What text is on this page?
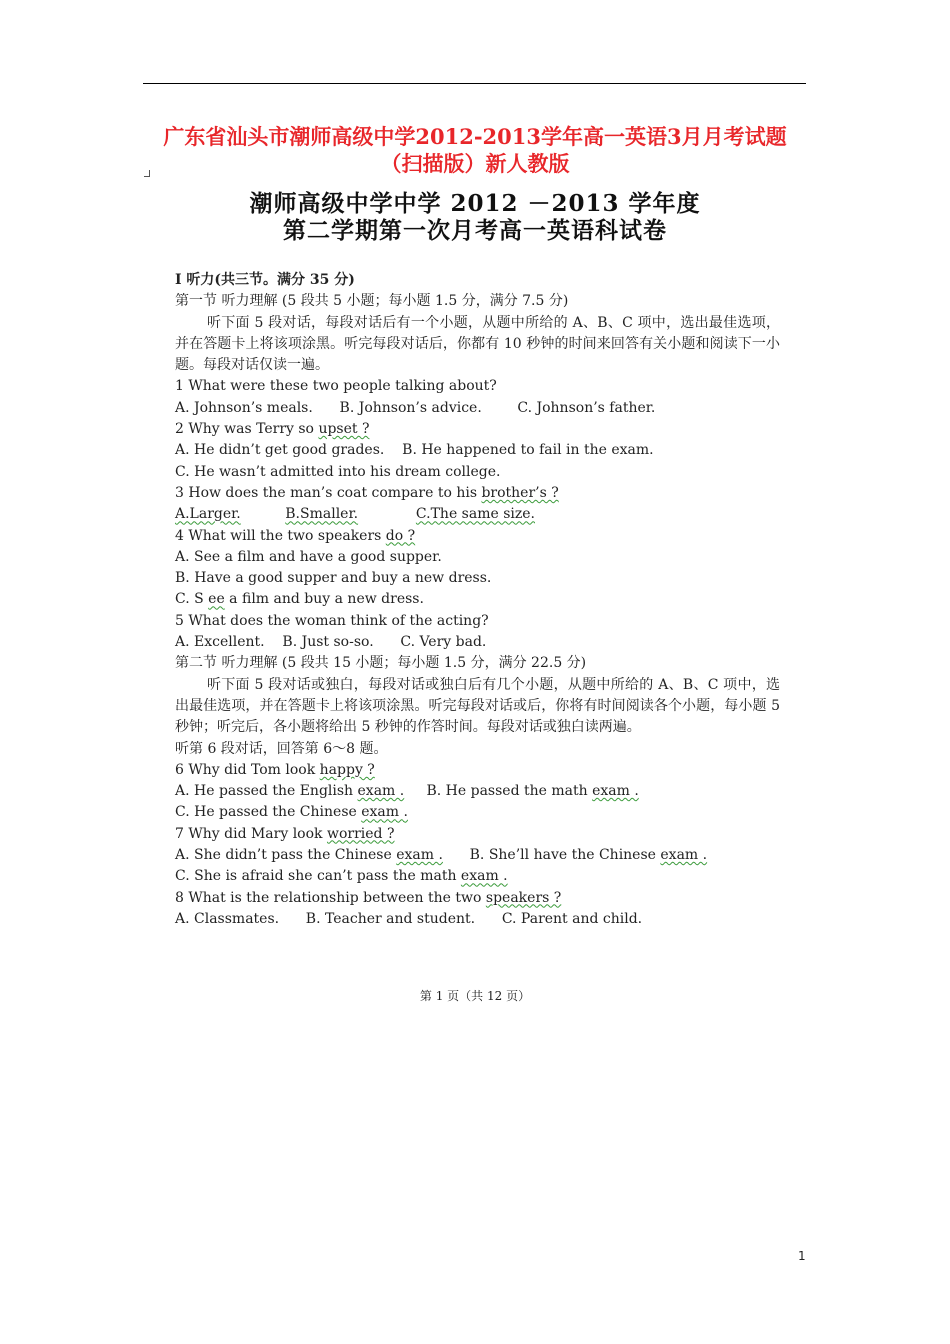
广东省汕头市潮师高级中学2012-2013学年高一英语3月月考试题
（扫描版）新人教版
潮师高级中学中学 2012 －2013 学年度
第二学期第一次月考高一英语科试卷
Ⅰ 听力(共三节。满分 35 分)
第一节 听力理解 (5 段共 5 小题；每小题 1.5 分，满分 7.5 分)
听下面 5 段对话，每段对话后有一个小题，从题中所给的 A、B、C 项中，选出最佳选项，并在答题卡上将该项涂黑。听完每段对话后，你都有 10 秒钟的时间来回答有关小题和阅读下一小题。每段对话仅读一遍。
1 What were these two people talking about?
A. Johnson’s meals. B. Johnson’s advice.	C. Johnson’s father.
2 Why was Terry so upset ?
A. He didn’t get good grades. B. He happened to fail in the exam.
C. He wasn’t admitted into his dream college.
3 How does the man’s coat compare to his brother’s ?
A.Larger.	B.Smaller.	C.The same size.
4 What will the two speakers do ?
A. See a film and have a good supper.
B. Have a good supper and buy a new dress.
C. S ee a film and buy a new dress.
5 What does the woman think of the acting?
A. Excellent. B. Just so-so. C. Very bad.
第二节 听力理解 (5 段共 15 小题；每小题 1.5 分，满分 22.5 分)
听下面 5 段对话或独白，每段对话或独白后有几个小题，从题中所给的 A、B、C 项中，选出最佳选项，并在答题卡上将该项涂黑。听完每段对话或后，你将有时间阅读各个小题，每小题 5 秒钟；听完后，各小题将给出 5 秒钟的作答时间。每段对话或独白读两遍。
听第 6 段对话，回答第 6～8 题。
6 Why did Tom look happy ?
A. He passed the English exam . B. He passed the math exam .
C. He passed the Chinese exam .
7 Why did Mary look worried ?
A. She didn’t pass the Chinese exam . B. She’ll have the Chinese exam .
C. She is afraid she can’t pass the math exam .
8 What is the relationship between the two speakers ?
A. Classmates. B. Teacher and student. C. Parent and child.
第 1 页（共 12 页）
1
